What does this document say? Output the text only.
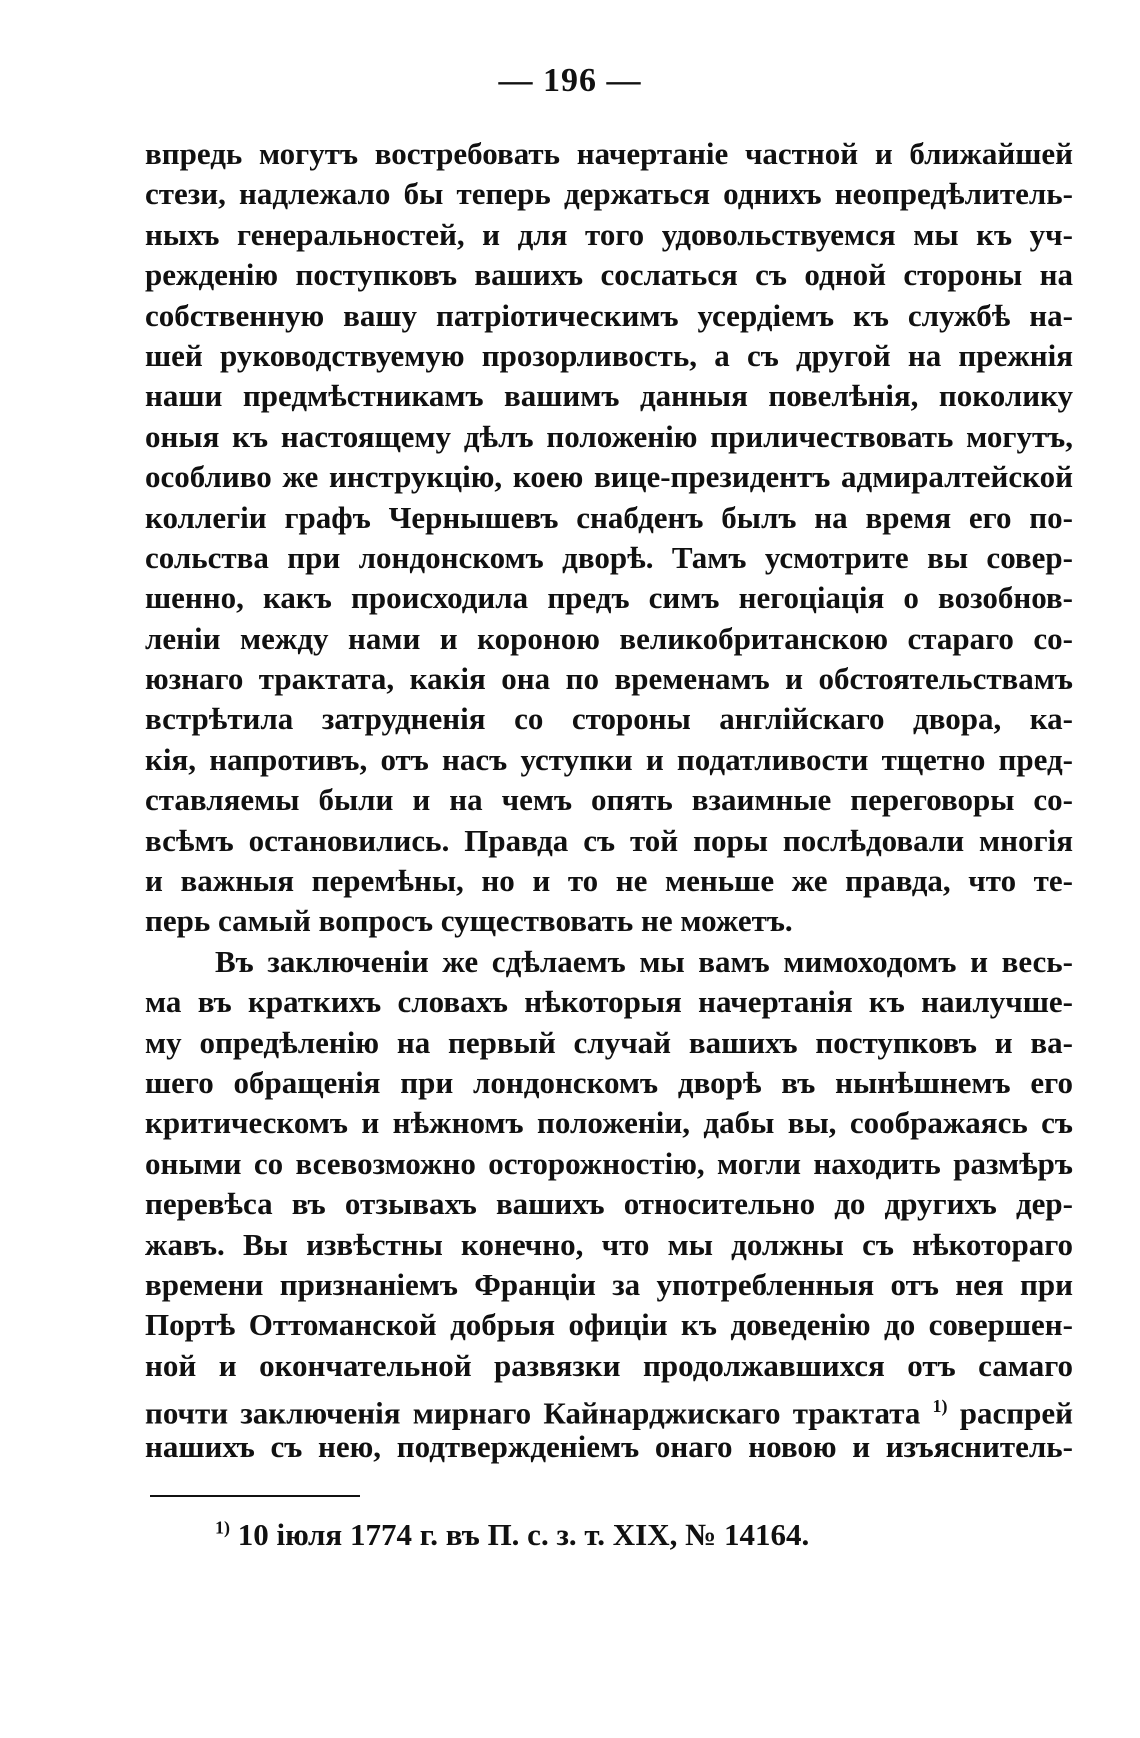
— 196 —
впредь могутъ востребовать начертаніе частной и ближайшей
стези, надлежало бы теперь держаться однихъ неопредѣлитель-
ныхъ генеральностей, и для того удовольствуемся мы къ уч-
режденію поступковъ вашихъ сослаться съ одной стороны на
собственную вашу патріотическимъ усердіемъ къ службѣ на-
шей руководствуемую прозорливость, а съ другой на прежнія
наши предмѣстникамъ вашимъ данныя повелѣнія, поколику
оныя къ настоящему дѣлъ положенію приличествовать могутъ,
особливо же инструкцію, коею вице-президентъ адмиралтейской
коллегіи графъ Чернышевъ снабденъ былъ на время его по-
сольства при лондонскомъ дворѣ. Тамъ усмотрите вы совер-
шенно, какъ происходила предъ симъ негоціація о возобнов-
леніи между нами и короною великобританскою стараго со-
юзнаго трактата, какія она по временамъ и обстоятельствамъ
встрѣтила затрудненія со стороны англійскаго двора, ка-
кія, напротивъ, отъ насъ уступки и податливости тщетно пред-
ставляемы были и на чемъ опять взаимные переговоры со-
всѣмъ остановились. Правда съ той поры послѣдовали многія
и важныя перемѣны, но и то не меньше же правда, что те-
перь самый вопросъ существовать не можетъ.
Въ заключеніи же сдѣлаемъ мы вамъ мимоходомъ и весь-
ма въ краткихъ словахъ нѣкоторыя начертанія къ наилучше-
му опредѣленію на первый случай вашихъ поступковъ и ва-
шего обращенія при лондонскомъ дворѣ въ нынѣшнемъ его
критическомъ и нѣжномъ положеніи, дабы вы, соображаясь съ
оными со всевозможно осторожностію, могли находить размѣръ
перевѣса въ отзывахъ вашихъ относительно до другихъ дер-
жавъ. Вы извѣстны конечно, что мы должны съ нѣкотораго
времени признаніемъ Франціи за употребленныя отъ нея при
Портѣ Оттоманской добрыя офиціи къ доведенію до совершен-
ной и окончательной развязки продолжавшихся отъ самаго
почти заключенія мирнаго Кайнарджискаго трактата $^{1)}$ распрей
нашихъ съ нею, подтвержденіемъ онаго новою и изъяснитель-
$^{1)}$ 10 іюля 1774 г. въ П. с. з. т. XIX, № 14164.
